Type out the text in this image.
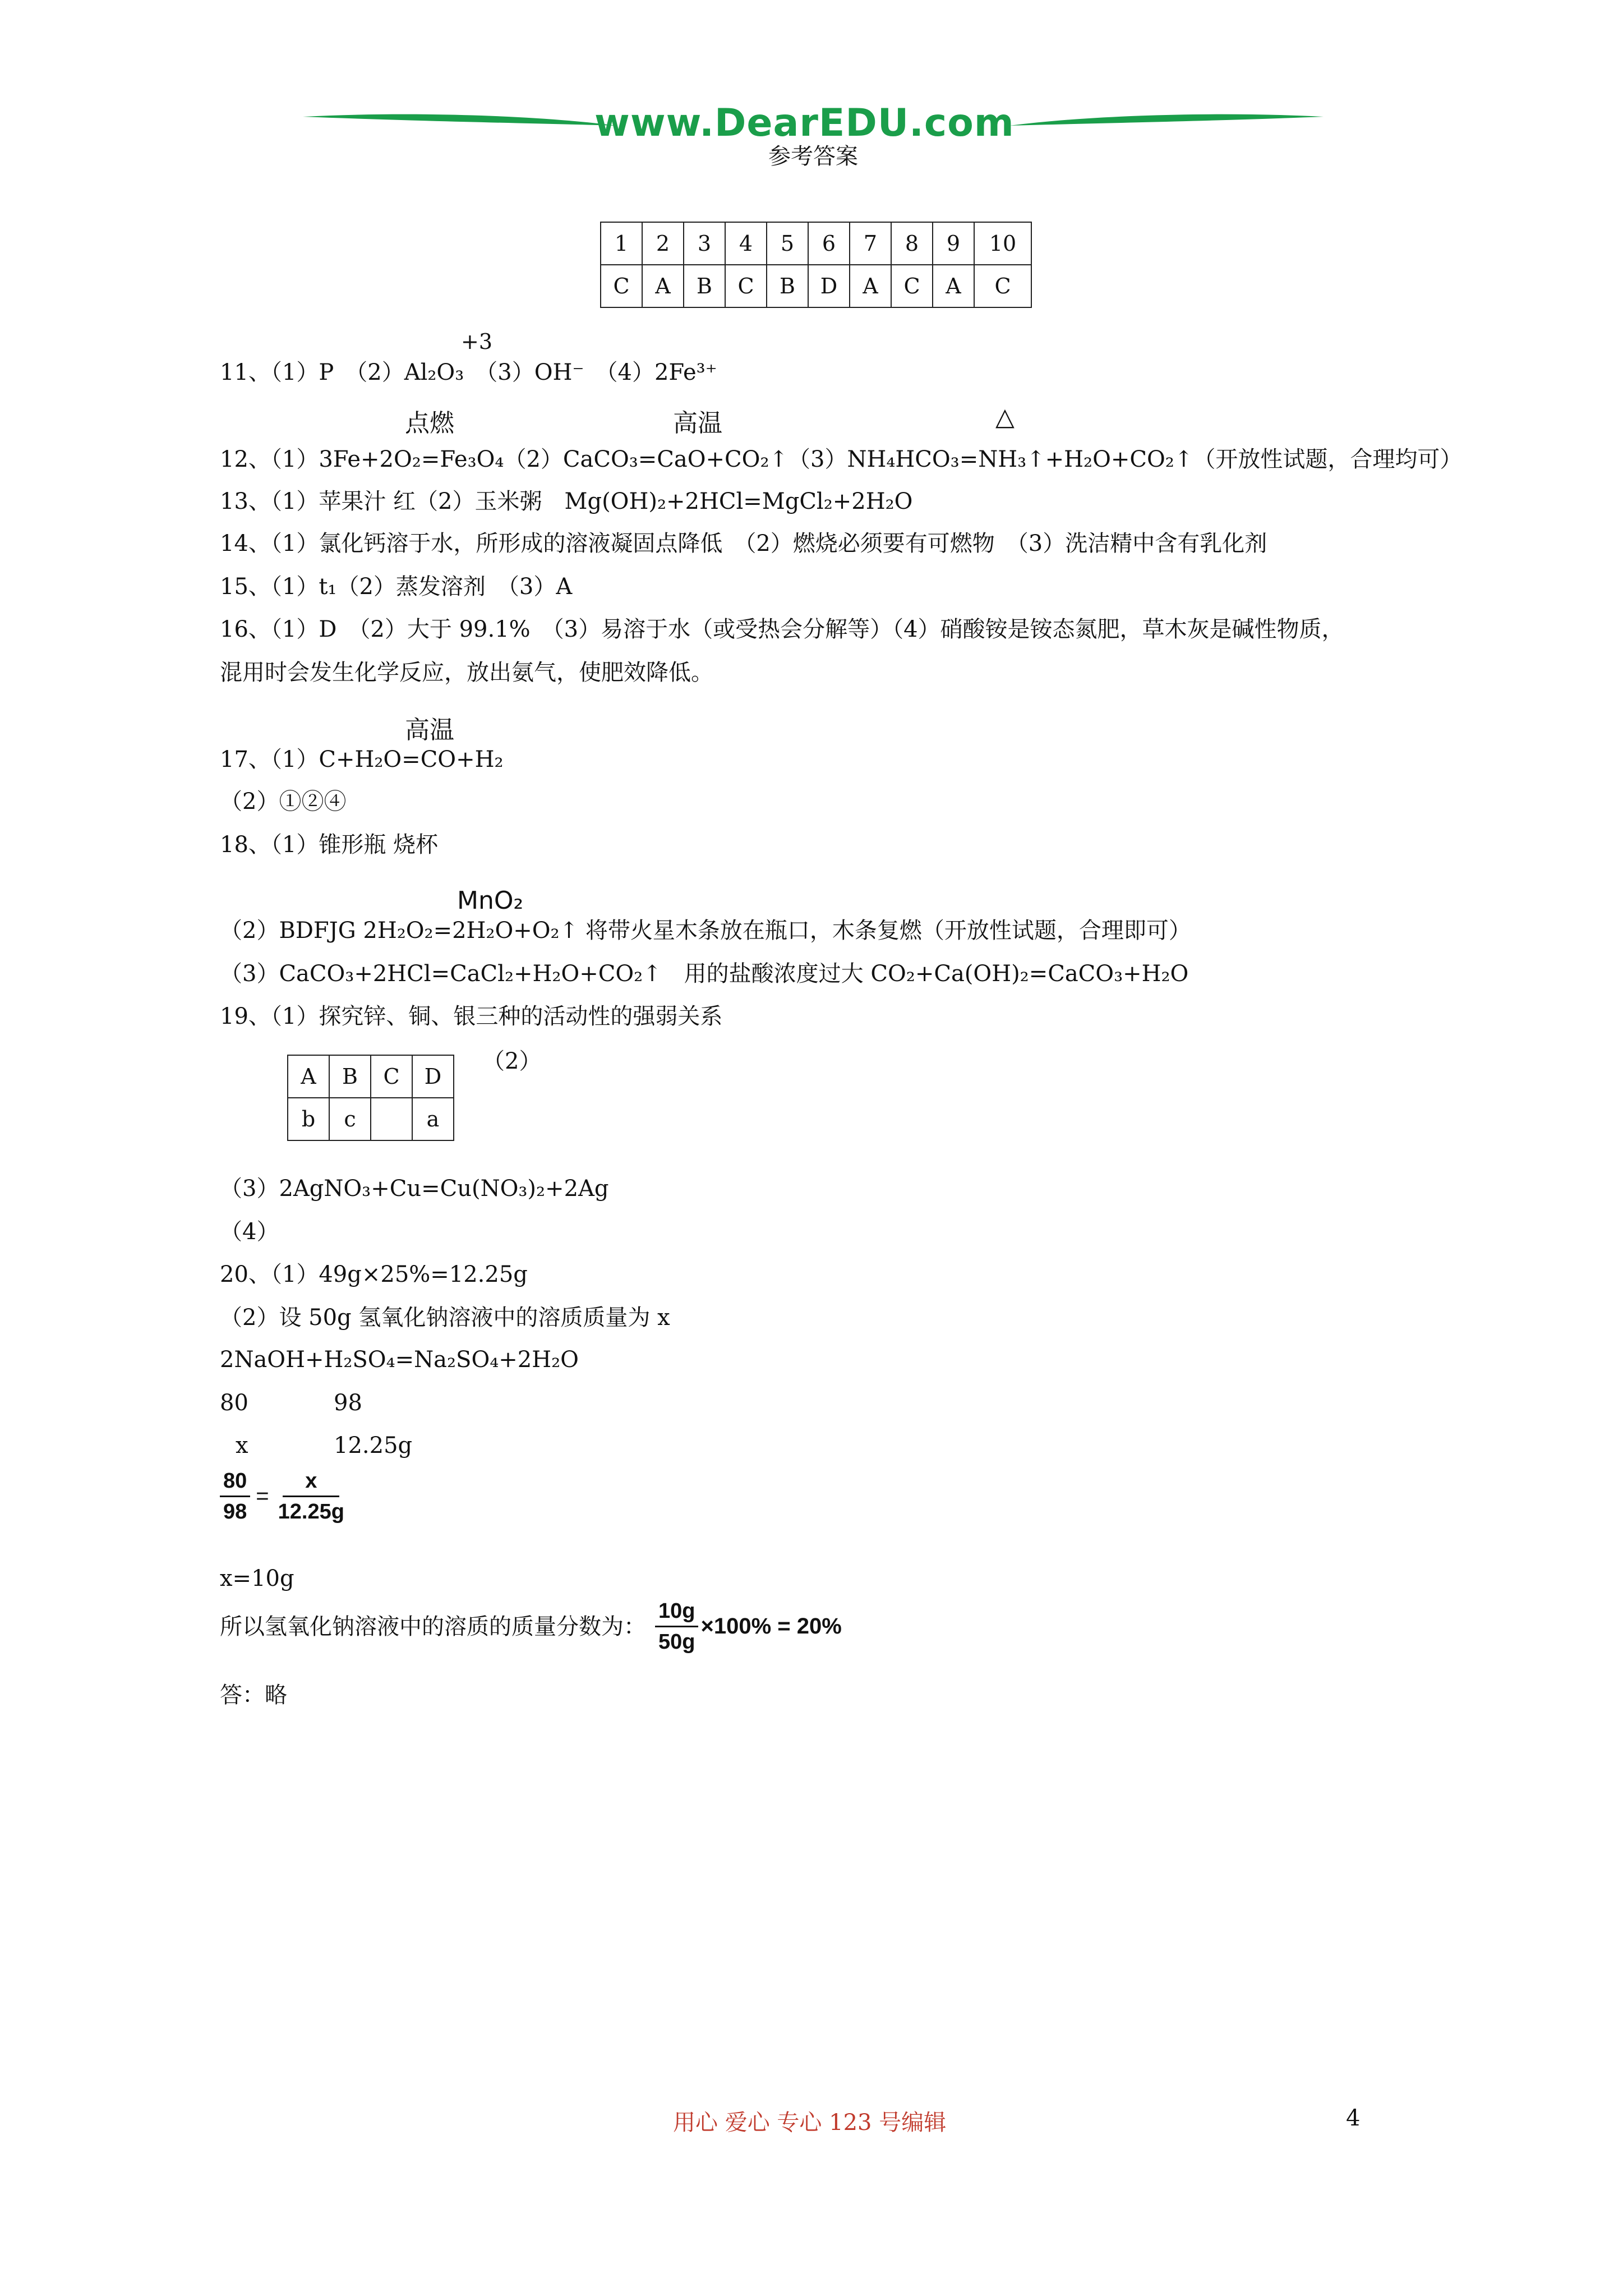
www.DearEDU.com
参考答案
1	2	3	4	5	6	7	8	9	10
C	A	B	C	B	D	A	C	A	C
+3
11、（1）P　（2）Al₂O₃　（3）OH⁻　（4）2Fe³⁺
点燃	高温	△
12、（1）3Fe+2O₂=Fe₃O₄（2）CaCO₃=CaO+CO₂↑（3）NH₄HCO₃=NH₃↑+H₂O+CO₂↑（开放性试题，合理均可）
13、（1）苹果汁 红（2）玉米粥　Mg(OH)₂+2HCl=MgCl₂+2H₂O
14、（1）氯化钙溶于水，所形成的溶液凝固点降低　（2）燃烧必须要有可燃物　（3）洗洁精中含有乳化剂
15、（1）t₁（2）蒸发溶剂　（3）A
16、（1）D　（2）大于 99.1%　（3）易溶于水（或受热会分解等）（4）硝酸铵是铵态氮肥，草木灰是碱性物质，
混用时会发生化学反应，放出氨气，使肥效降低。
高温
17、（1）C+H₂O=CO+H₂
（2）①②④
18、（1）锥形瓶 烧杯
MnO₂
（2）BDFJG 2H₂O₂=2H₂O+O₂↑ 将带火星木条放在瓶口，木条复燃（开放性试题，合理即可）
（3）CaCO₃+2HCl=CaCl₂+H₂O+CO₂↑　用的盐酸浓度过大 CO₂+Ca(OH)₂=CaCO₃+H₂O
19、（1）探究锌、铜、银三种的活动性的强弱关系
A	B	C	D
b	c		a
（2）
（3）2AgNO₃+Cu=Cu(NO₃)₂+2Ag
（4）
20、（1）49g×25%=12.25g
（2）设 50g 氢氧化钠溶液中的溶质质量为 x
2NaOH+H₂SO₄=Na₂SO₄+2H₂O
80	98
x	12.25g
$\frac{80}{98} = \frac{x}{12.25g}$
x=10g
所以氢氧化钠溶液中的溶质的质量分数为： $\frac{10g}{50g} \times 100\% = 20\%$
答：略
用心 爱心 专心 123 号编辑	4
